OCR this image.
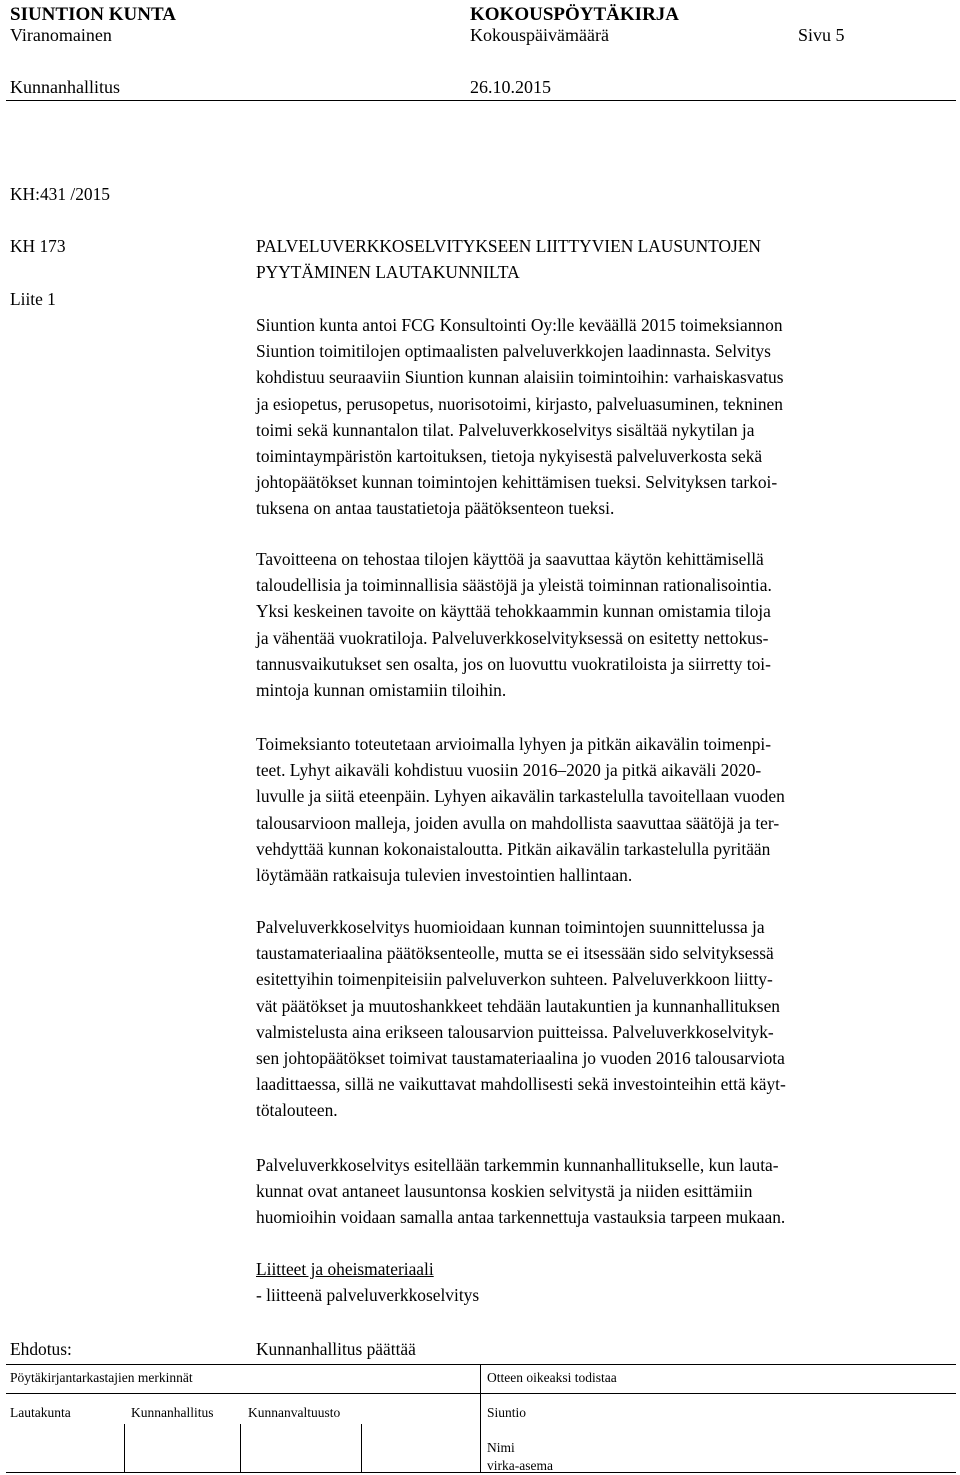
SIUNTION KUNTA	KOKOUSPÖYTÄKIRJA
Viranomainen	Kokouspäivämäärä	Sivu 5
Kunnanhallitus	26.10.2015
KH:431 /2015
KH 173
Liite 1
PALVELUVERKKOSELVITYKSEEN LIITTYVIEN LAUSUNTOJEN
PYYTÄMINEN LAUTAKUNNILTA
Siuntion kunta antoi FCG Konsultointi Oy:lle keväällä 2015 toimeksiannon
Siuntion toimitilojen optimaalisten palveluverkkojen laadinnasta. Selvitys
kohdistuu seuraaviin Siuntion kunnan alaisiin toimintoihin: varhaiskasvatus
ja esiopetus, perusopetus, nuorisotoimi, kirjasto, palveluasuminen, tekninen
toimi sekä kunnantalon tilat. Palveluverkkoselvitys sisältää nykytilan ja
toimintaympäristön kartoituksen, tietoja nykyisestä palveluverkosta sekä
johtopäätökset kunnan toimintojen kehittämisen tueksi. Selvityksen tarkoi-
tuksena on antaa taustatietoja päätöksenteon tueksi.
Tavoitteena on tehostaa tilojen käyttöä ja saavuttaa käytön kehittämisellä
taloudellisia ja toiminnallisia säästöjä ja yleistä toiminnan rationalisointia.
Yksi keskeinen tavoite on käyttää tehokkaammin kunnan omistamia tiloja
ja vähentää vuokratiloja. Palveluverkkoselvityksessä on esitetty nettokus-
tannusvaikutukset sen osalta, jos on luovuttu vuokratiloista ja siirretty toi-
mintoja kunnan omistamiin tiloihin.
Toimeksianto toteutetaan arvioimalla lyhyen ja pitkän aikavälin toimenpi-
teet. Lyhyt aikaväli kohdistuu vuosiin 2016–2020 ja pitkä aikaväli 2020-
luvulle ja siitä eteenpäin. Lyhyen aikavälin tarkastelulla tavoitellaan vuoden
talousarvioon malleja, joiden avulla on mahdollista saavuttaa säätöjä ja ter-
vehdyttää kunnan kokonaistaloutta. Pitkän aikavälin tarkastelulla pyritään
löytämään ratkaisuja tulevien investointien hallintaan.
Palveluverkkoselvitys huomioidaan kunnan toimintojen suunnittelussa ja
taustamateriaalina päätöksenteolle, mutta se ei itsessään sido selvityksessä
esitettyihin toimenpiteisiin palveluverkon suhteen. Palveluverkkoon liitty-
vät päätökset ja muutoshankkeet tehdään lautakuntien ja kunnanhallituksen
valmistelusta aina erikseen talousarvion puitteissa. Palveluverkkoselvityk-
sen johtopäätökset toimivat taustamateriaalina jo vuoden 2016 talousarviota
laadittaessa, sillä ne vaikuttavat mahdollisesti sekä investointeihin että käyt-
tötalouteen.
Palveluverkkoselvitys esitellään tarkemmin kunnanhallitukselle, kun lauta-
kunnat ovat antaneet lausuntonsa koskien selvitystä ja niiden esittämiin
huomioihin voidaan samalla antaa tarkennettuja vastauksia tarpeen mukaan.
Liitteet ja oheismateriaali
- liitteenä palveluverkkoselvitys
Ehdotus:	Kunnanhallitus päättää
Pöytäkirjantarkastajien merkinnät	Otteen oikeaksi todistaa
Lautakunta	Kunnanhallitus	Kunnanvaltuusto	Siuntio
Nimi
virka-asema
